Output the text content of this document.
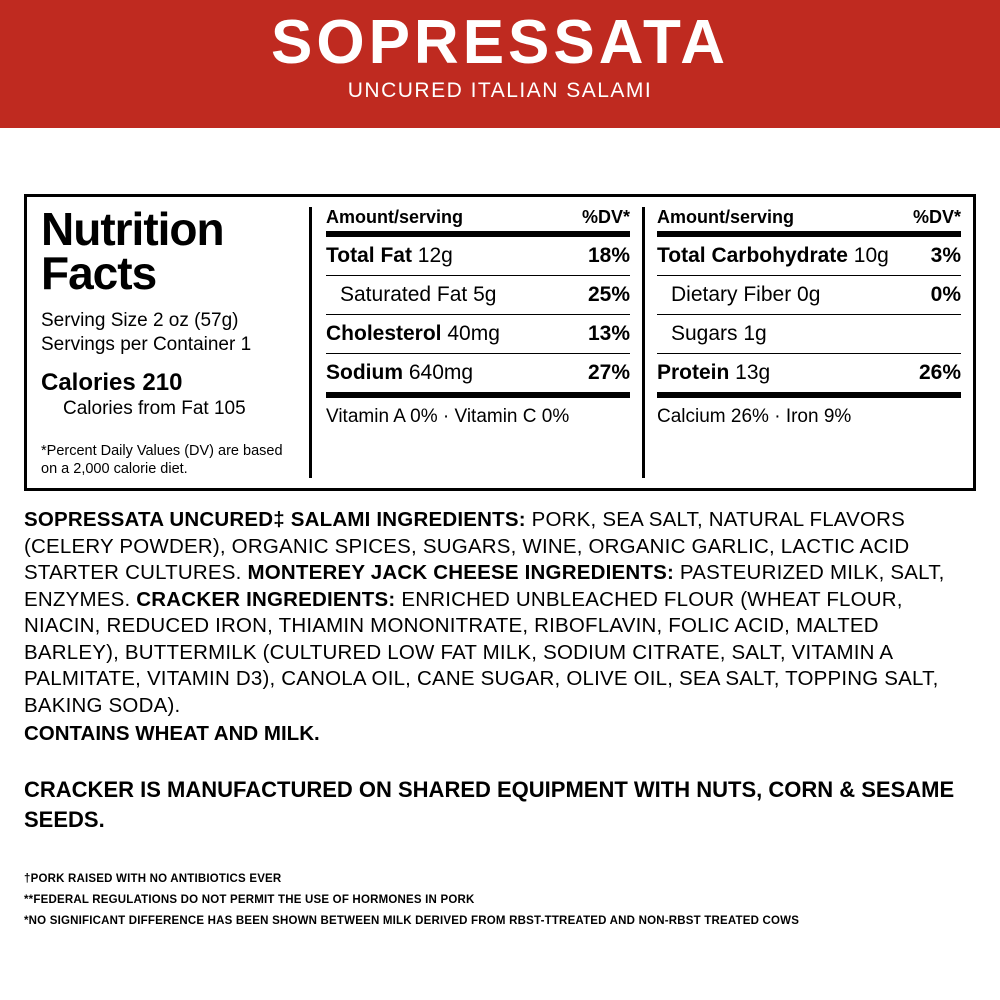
SOPRESSATA
UNCURED ITALIAN SALAMI
Nutrition
Facts
Serving Size 2 oz (57g)
Servings per Container 1
Calories 210
Calories from Fat 105
*Percent Daily Values (DV) are based on a 2,000 calorie diet.
Amount/serving	%DV*
Total Fat 12g	18%
Saturated Fat 5g	25%
Cholesterol 40mg	13%
Sodium 640mg	27%
Vitamin A 0% · Vitamin C 0%
Amount/serving	%DV*
Total Carbohydrate 10g 3%
Dietary Fiber 0g	0%
Sugars 1g
Protein 13g	26%
Calcium 26% · Iron 9%
SOPRESSATA UNCURED‡ SALAMI INGREDIENTS: PORK, SEA SALT, NATURAL FLAVORS (CELERY POWDER), ORGANIC SPICES, SUGARS, WINE, ORGANIC GARLIC, LACTIC ACID STARTER CULTURES. MONTEREY JACK CHEESE INGREDIENTS: PASTEURIZED MILK, SALT, ENZYMES. CRACKER INGREDIENTS: ENRICHED UNBLEACHED FLOUR (WHEAT FLOUR, NIACIN, REDUCED IRON, THIAMIN MONONITRATE, RIBOFLAVIN, FOLIC ACID, MALTED BARLEY), BUTTERMILK (CULTURED LOW FAT MILK, SODIUM CITRATE, SALT, VITAMIN A PALMITATE, VITAMIN D3), CANOLA OIL, CANE SUGAR, OLIVE OIL, SEA SALT, TOPPING SALT, BAKING SODA).
CONTAINS WHEAT AND MILK.
CRACKER IS MANUFACTURED ON SHARED EQUIPMENT WITH NUTS, CORN & SESAME SEEDS.
†PORK RAISED WITH NO ANTIBIOTICS EVER
**FEDERAL REGULATIONS DO NOT PERMIT THE USE OF HORMONES IN PORK
*NO SIGNIFICANT DIFFERENCE HAS BEEN SHOWN BETWEEN MILK DERIVED FROM RBST-TTREATED AND NON-RBST TREATED COWS
